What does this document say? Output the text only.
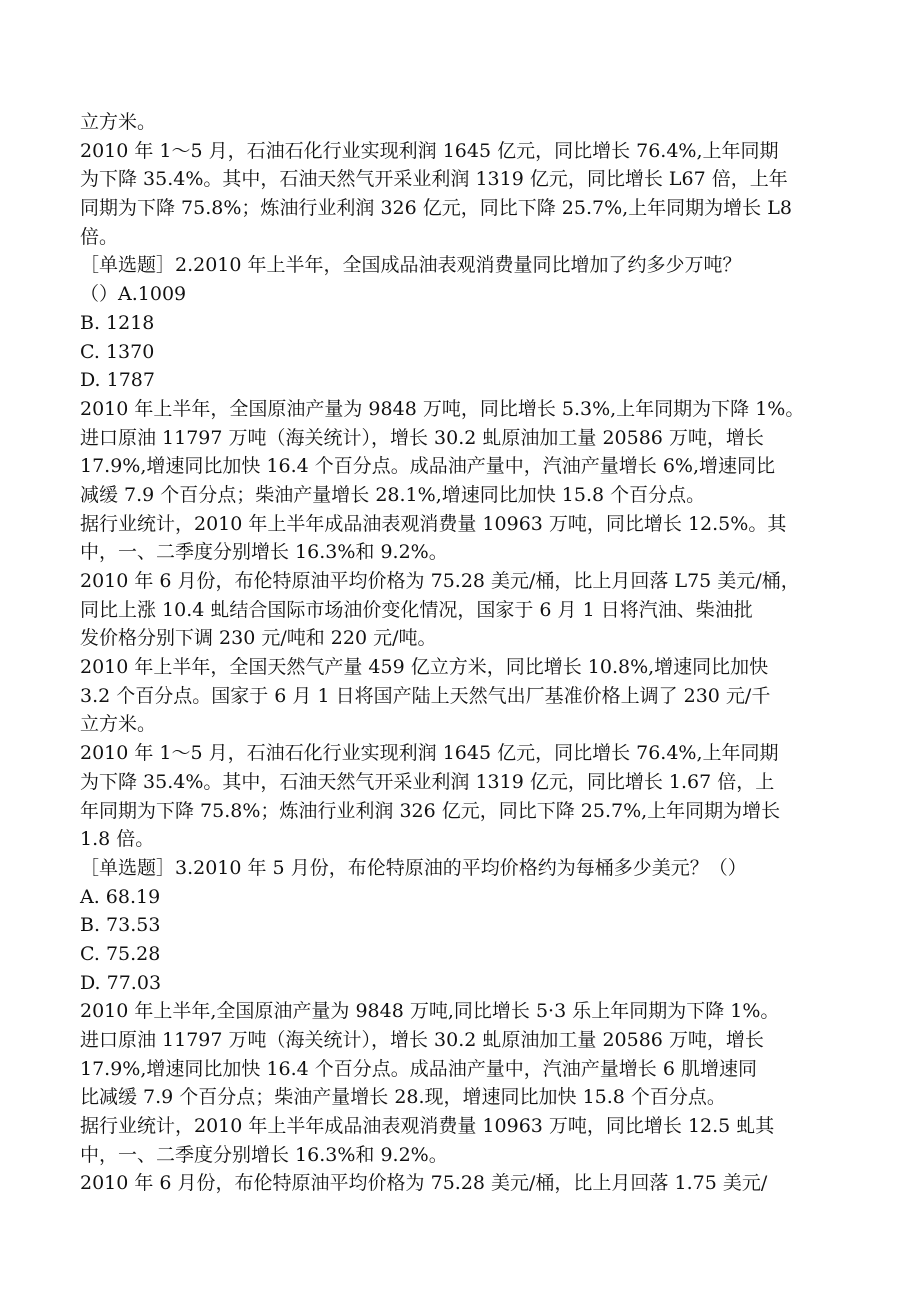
立方米。
2010 年 1～5 月，石油石化行业实现利润 1645 亿元，同比增长 76.4%,上年同期
为下降 35.4%。其中，石油天然气开采业利润 1319 亿元，同比增长 L67 倍，上年
同期为下降 75.8%；炼油行业利润 326 亿元，同比下降 25.7%,上年同期为增长 L8
倍。
［单选题］2.2010 年上半年，全国成品油表观消费量同比增加了约多少万吨？
（）A.1009
B. 1218
C. 1370
D. 1787
2010 年上半年，全国原油产量为 9848 万吨，同比增长 5.3%,上年同期为下降 1%。
进口原油 11797 万吨（海关统计），增长 30.2 虬原油加工量 20586 万吨，增长
17.9%,增速同比加快 16.4 个百分点。成品油产量中，汽油产量增长 6%,增速同比
减缓 7.9 个百分点；柴油产量增长 28.1%,增速同比加快 15.8 个百分点。
据行业统计，2010 年上半年成品油表观消费量 10963 万吨，同比增长 12.5%。其
中，一、二季度分别增长 16.3%和 9.2%。
2010 年 6 月份，布伦特原油平均价格为 75.28 美元/桶，比上月回落 L75 美元/桶，
同比上涨 10.4 虬结合国际市场油价变化情况，国家于 6 月 1 日将汽油、柴油批
发价格分别下调 230 元/吨和 220 元/吨。
2010 年上半年，全国天然气产量 459 亿立方米，同比增长 10.8%,增速同比加快
3.2 个百分点。国家于 6 月 1 日将国产陆上天然气出厂基准价格上调了 230 元/千
立方米。
2010 年 1～5 月，石油石化行业实现利润 1645 亿元，同比增长 76.4%,上年同期
为下降 35.4%。其中，石油天然气开采业利润 1319 亿元，同比增长 1.67 倍，上
年同期为下降 75.8%；炼油行业利润 326 亿元，同比下降 25.7%,上年同期为增长
1.8 倍。
［单选题］3.2010 年 5 月份，布伦特原油的平均价格约为每桶多少美元？（）
A. 68.19
B. 73.53
C. 75.28
D. 77.03
2010 年上半年,全国原油产量为 9848 万吨,同比增长 5·3 乐上年同期为下降 1%。
进口原油 11797 万吨（海关统计），增长 30.2 虬原油加工量 20586 万吨，增长
17.9%,增速同比加快 16.4 个百分点。成品油产量中，汽油产量增长 6 肌增速同
比减缓 7.9 个百分点；柴油产量增长 28.现，增速同比加快 15.8 个百分点。
据行业统计，2010 年上半年成品油表观消费量 10963 万吨，同比增长 12.5 虬其
中，一、二季度分别增长 16.3%和 9.2%。
2010 年 6 月份，布伦特原油平均价格为 75.28 美元/桶，比上月回落 1.75 美元/
